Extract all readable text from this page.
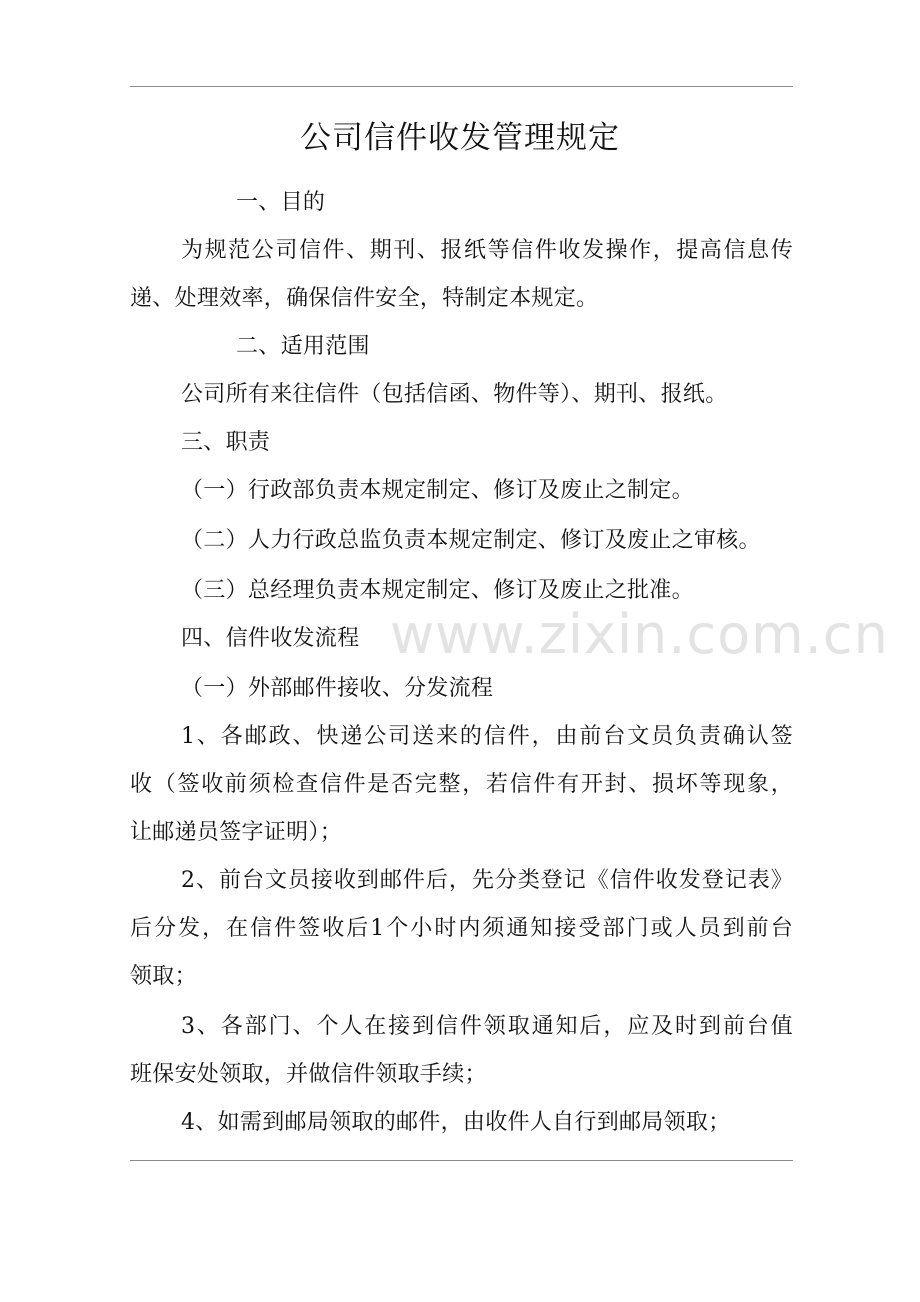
www.zixin.com.cn
公司信件收发管理规定
一、目的
为规范公司信件、期刊、报纸等信件收发操作，提高信息传
递、处理效率，确保信件安全，特制定本规定。
二、适用范围
公司所有来往信件（包括信函、物件等）、期刊、报纸。
三、职责
（一）行政部负责本规定制定、修订及废止之制定。
（二）人力行政总监负责本规定制定、修订及废止之审核。
（三）总经理负责本规定制定、修订及废止之批准。
四、信件收发流程
（一）外部邮件接收、分发流程
1、各邮政、快递公司送来的信件，由前台文员负责确认签
收（签收前须检查信件是否完整，若信件有开封、损坏等现象，
让邮递员签字证明）；
2、前台文员接收到邮件后，先分类登记《信件收发登记表》
后分发，在信件签收后1个小时内须通知接受部门或人员到前台
领取；
3、各部门、个人在接到信件领取通知后，应及时到前台值
班保安处领取，并做信件领取手续；
4、如需到邮局领取的邮件，由收件人自行到邮局领取；
